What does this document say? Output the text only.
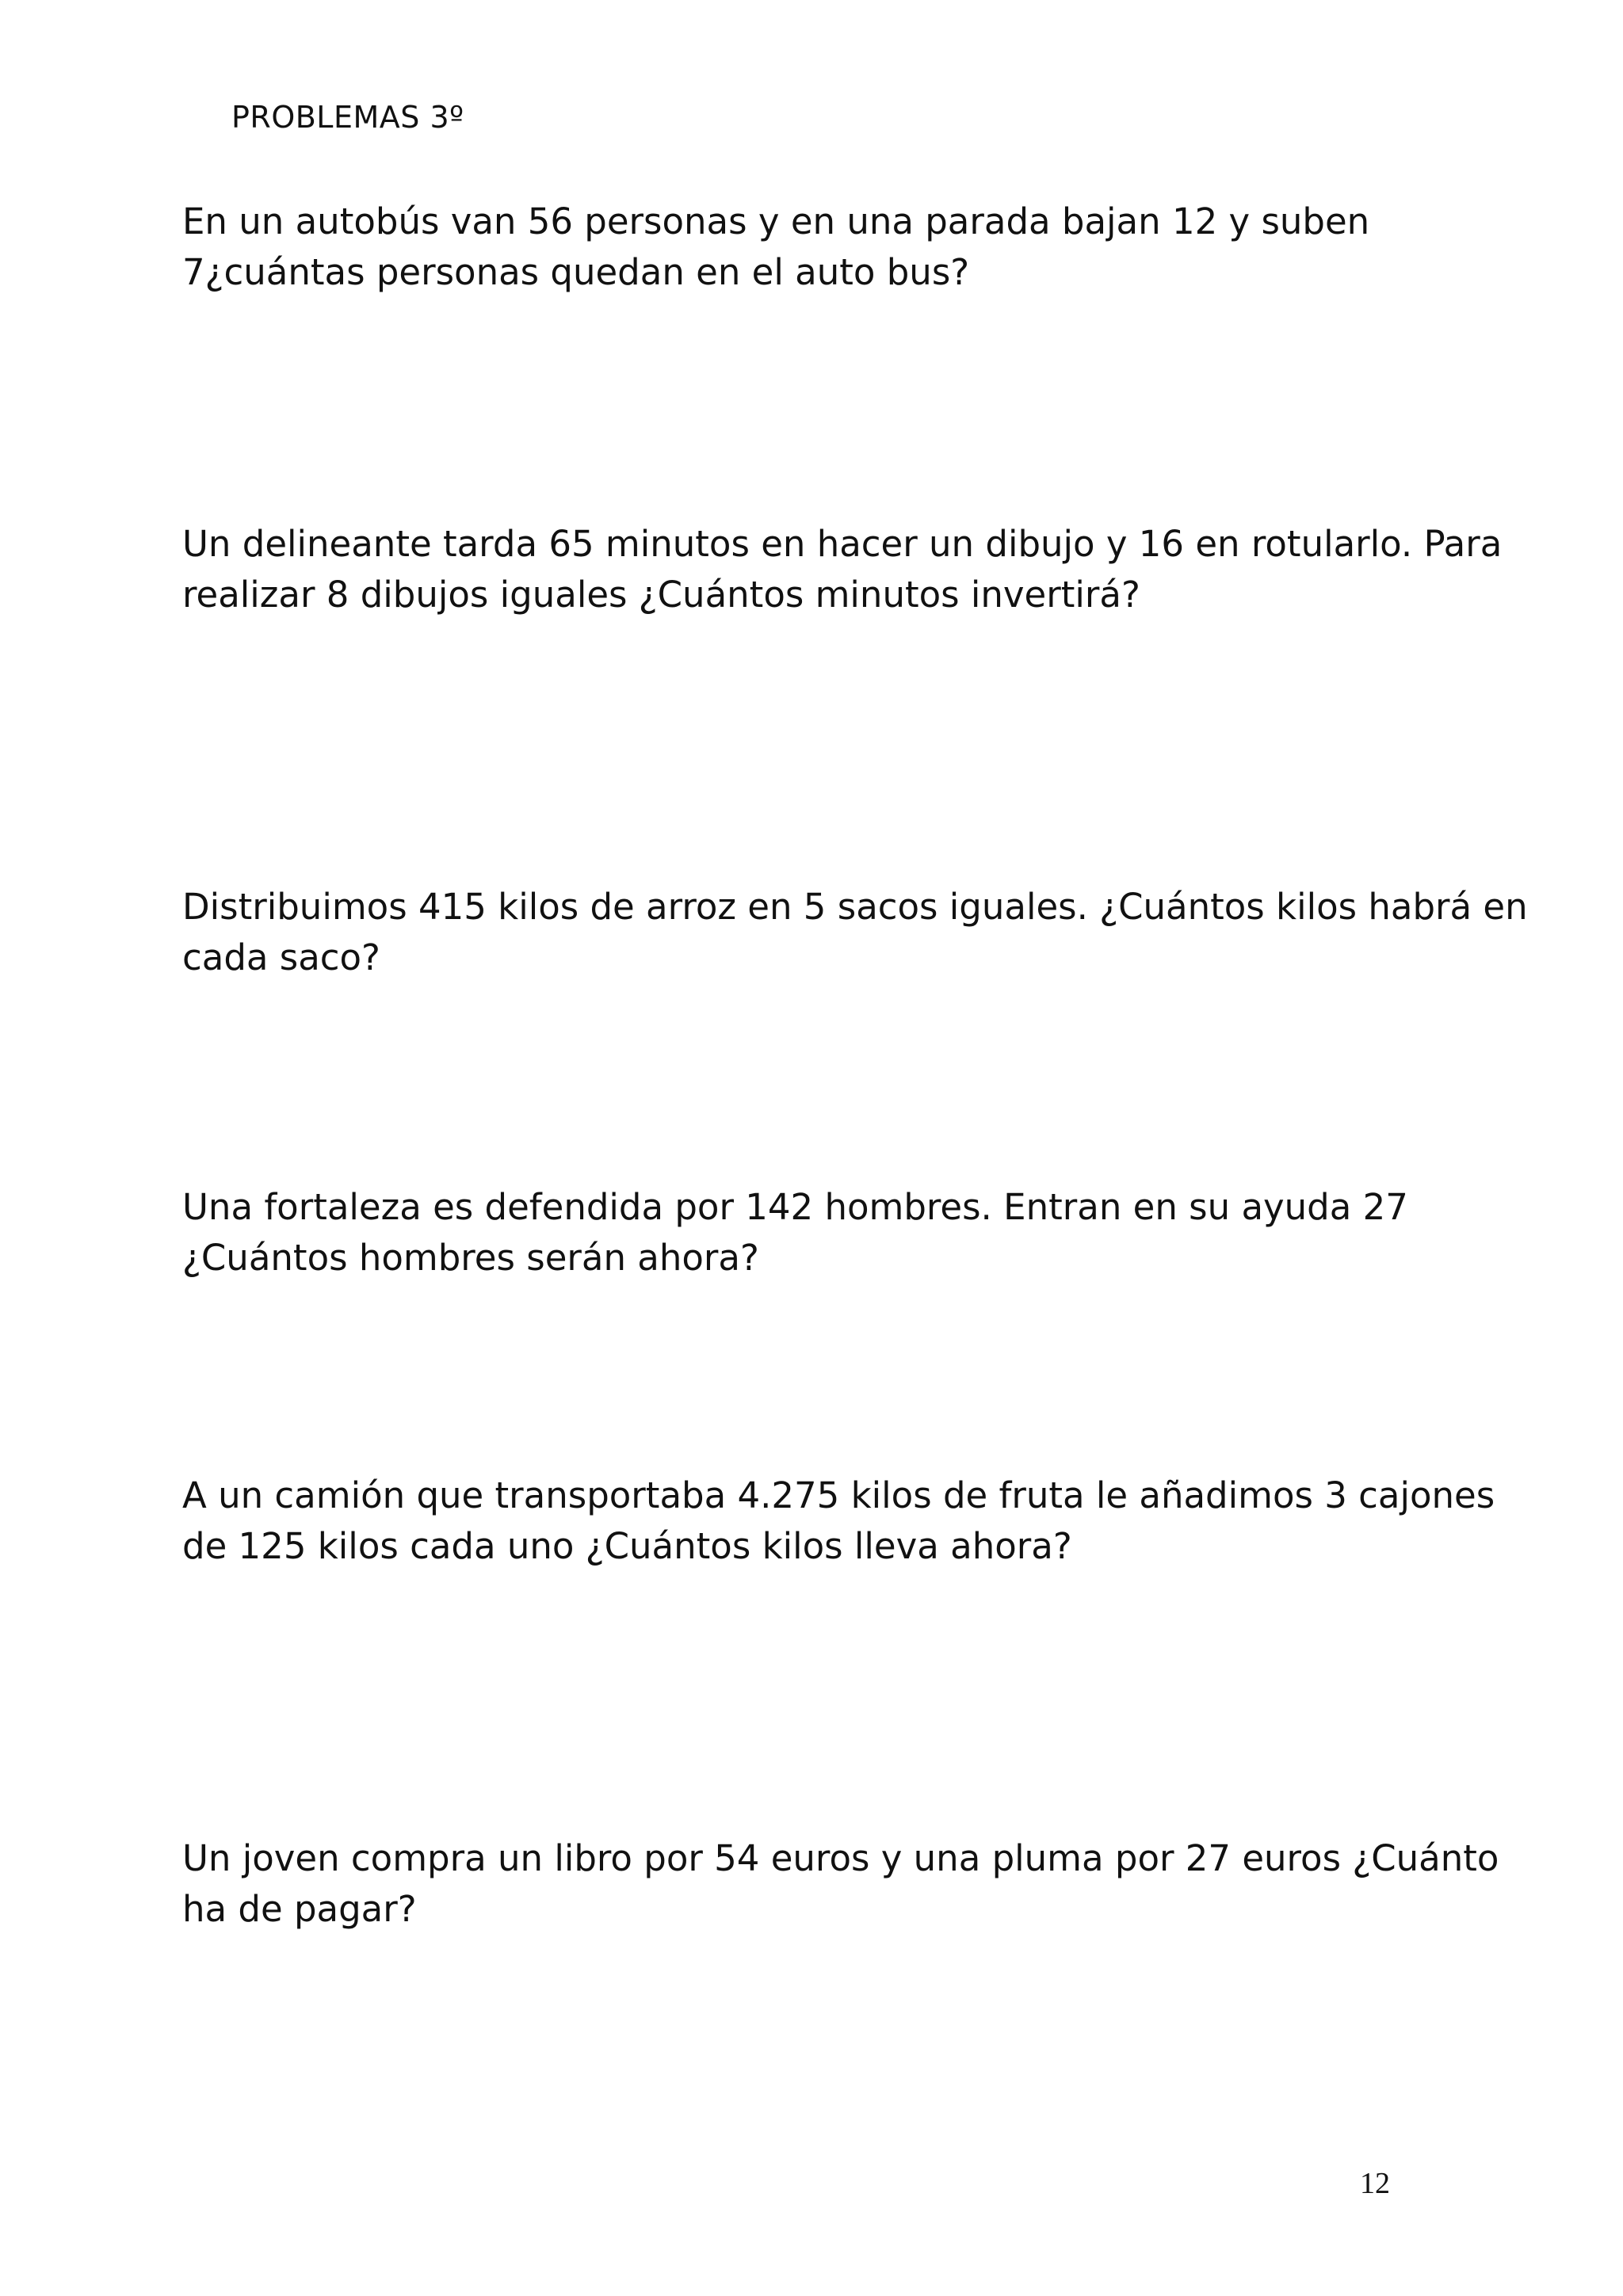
PROBLEMAS 3º

En un autobús van 56 personas y en una parada bajan 12 y suben 7¿cuántas personas quedan en el auto bus?

Un delineante tarda 65 minutos en hacer un dibujo y 16 en rotularlo. Para realizar 8 dibujos iguales ¿Cuántos minutos invertirá?

Distribuimos 415 kilos de arroz en 5 sacos iguales. ¿Cuántos kilos habrá en cada saco?

Una fortaleza es defendida por 142 hombres. Entran en su ayuda 27 ¿Cuántos hombres serán ahora?

A un camión que transportaba 4.275 kilos de fruta le añadimos 3 cajones de 125 kilos cada uno ¿Cuántos kilos lleva ahora?

Un joven compra un libro por 54 euros y una pluma por 27 euros ¿Cuánto ha de pagar?

12
